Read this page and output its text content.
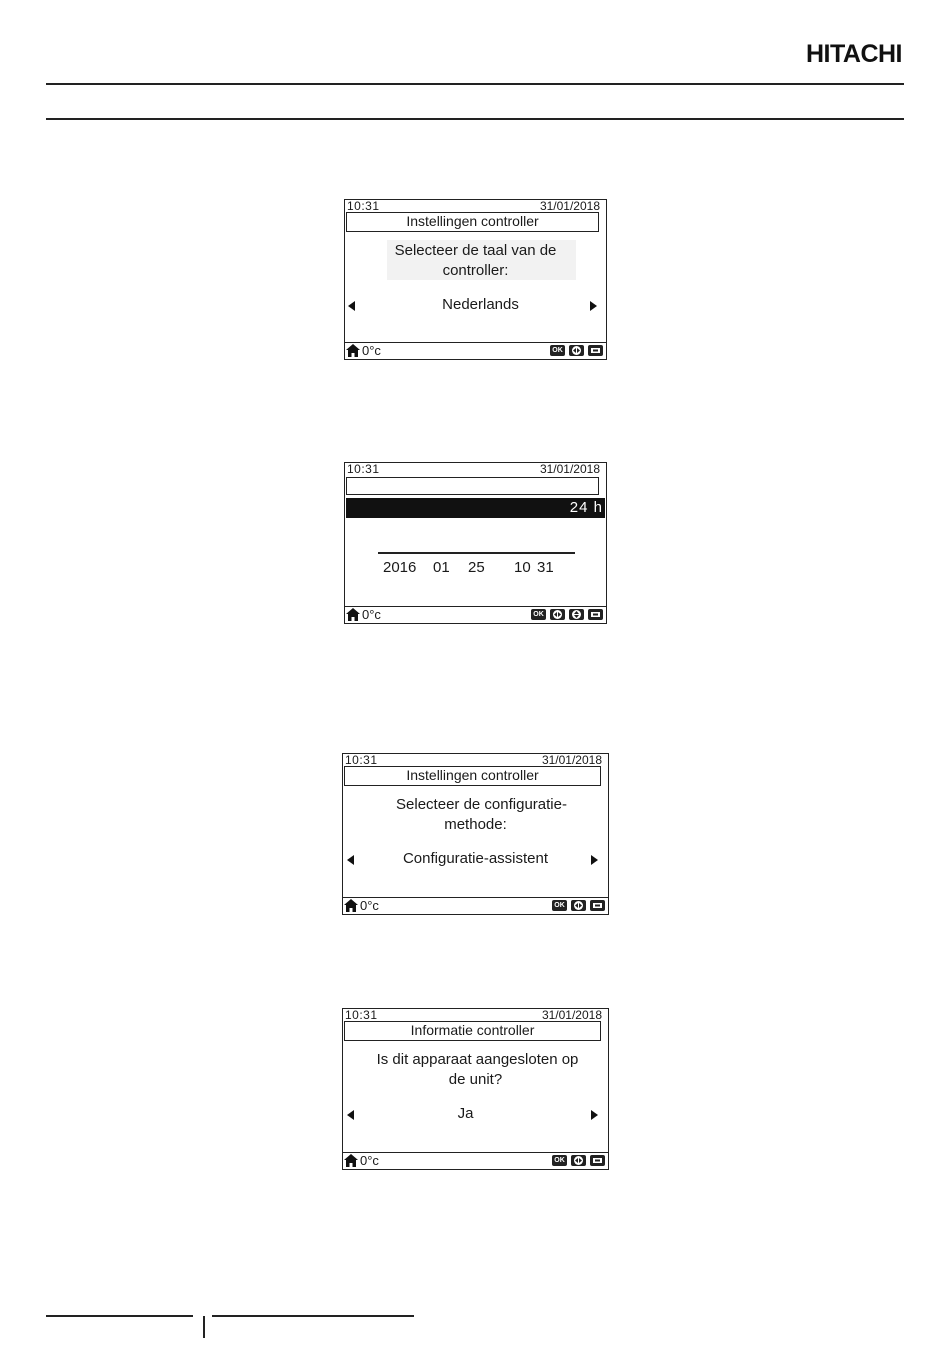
HITACHI
10:31	31/01/2018
Instellingen controller
Selecteer de taal van de
controller:
Nederlands
0°c	OK
10:31	31/01/2018
24 h
2016 01 25 10 31
0°c	OK
10:31	31/01/2018
Instellingen controller
Selecteer de configuratie-
methode:
Configuratie-assistent
0°c	OK
10:31	31/01/2018
Informatie controller
Is dit apparaat aangesloten op
de unit?
Ja
0°c	OK
